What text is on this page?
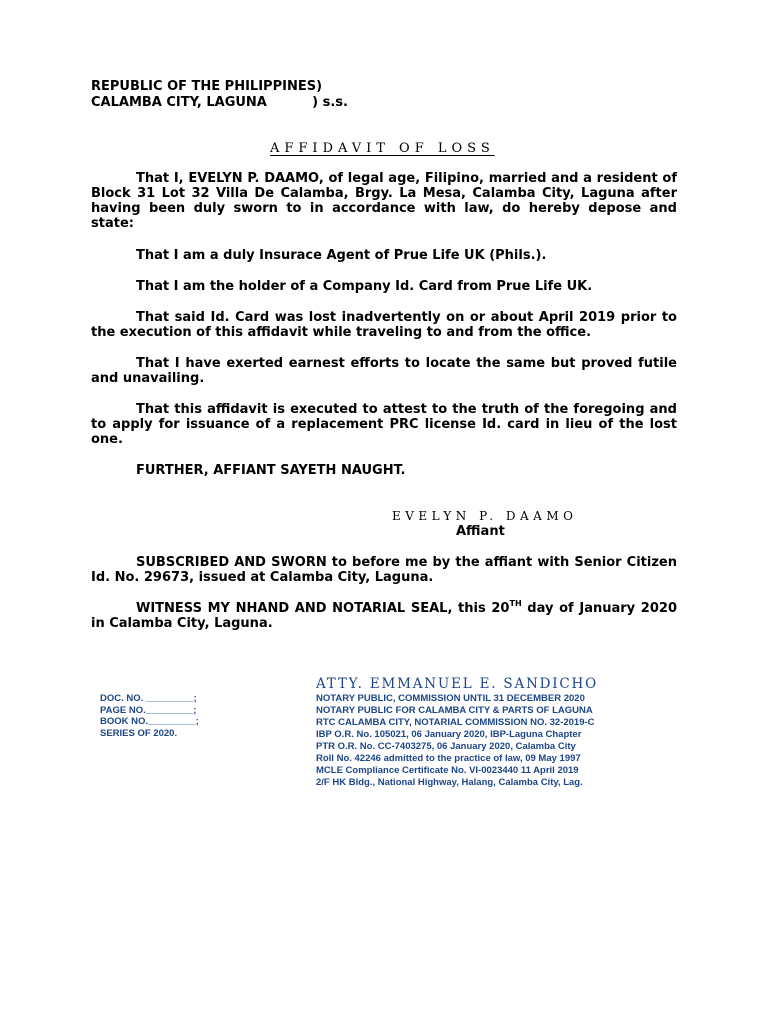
REPUBLIC OF THE PHILIPPINES)
CALAMBA CITY, LAGUNA          ) s.s.
AFFIDAVIT OF LOSS

That I, EVELYN P. DAAMO, of legal age, Filipino, married and a resident of Block 31 Lot 32 Villa De Calamba, Brgy. La Mesa, Calamba City, Laguna after having been duly sworn to in accordance with law, do hereby depose and state:

That I am a duly Insurace Agent of Prue Life UK (Phils.).

That I am the holder of a Company Id. Card from Prue Life UK.

That said Id. Card was lost inadvertently on or about April 2019 prior to the execution of this affidavit while traveling to and from the office.

That I have exerted earnest efforts to locate the same but proved futile and unavailing.

That this affidavit is executed to attest to the truth of the foregoing and to apply for issuance of a replacement PRC license Id. card in lieu of the lost one.

FURTHER, AFFIANT SAYETH NAUGHT.

EVELYN P. DAAMO
Affiant

SUBSCRIBED AND SWORN to before me by the affiant with Senior Citizen Id. No. 29673, issued at Calamba City, Laguna.

WITNESS MY NHAND AND NOTARIAL SEAL, this 20TH day of January 2020 in Calamba City, Laguna.

ATTY. EMMANUEL E. SANDICHO
NOTARY PUBLIC, COMMISSION UNTIL 31 DECEMBER 2020
NOTARY PUBLIC FOR CALAMBA CITY & PARTS OF LAGUNA
RTC CALAMBA CITY, NOTARIAL COMMISSION NO. 32-2019-C
IBP O.R. No. 105021, 06 January 2020, IBP-Laguna Chapter
PTR O.R. No. CC-7403275, 06 January 2020, Calamba City
Roll No. 42246 admitted to the practice of law, 09 May 1997
MCLE Compliance Certificate No. VI-0023440 11 April 2019
2/F HK Bldg., National Highway, Halang, Calamba City, Lag.
DOC. NO. _________;
PAGE NO._________;
BOOK NO._________;
SERIES OF 2020.
